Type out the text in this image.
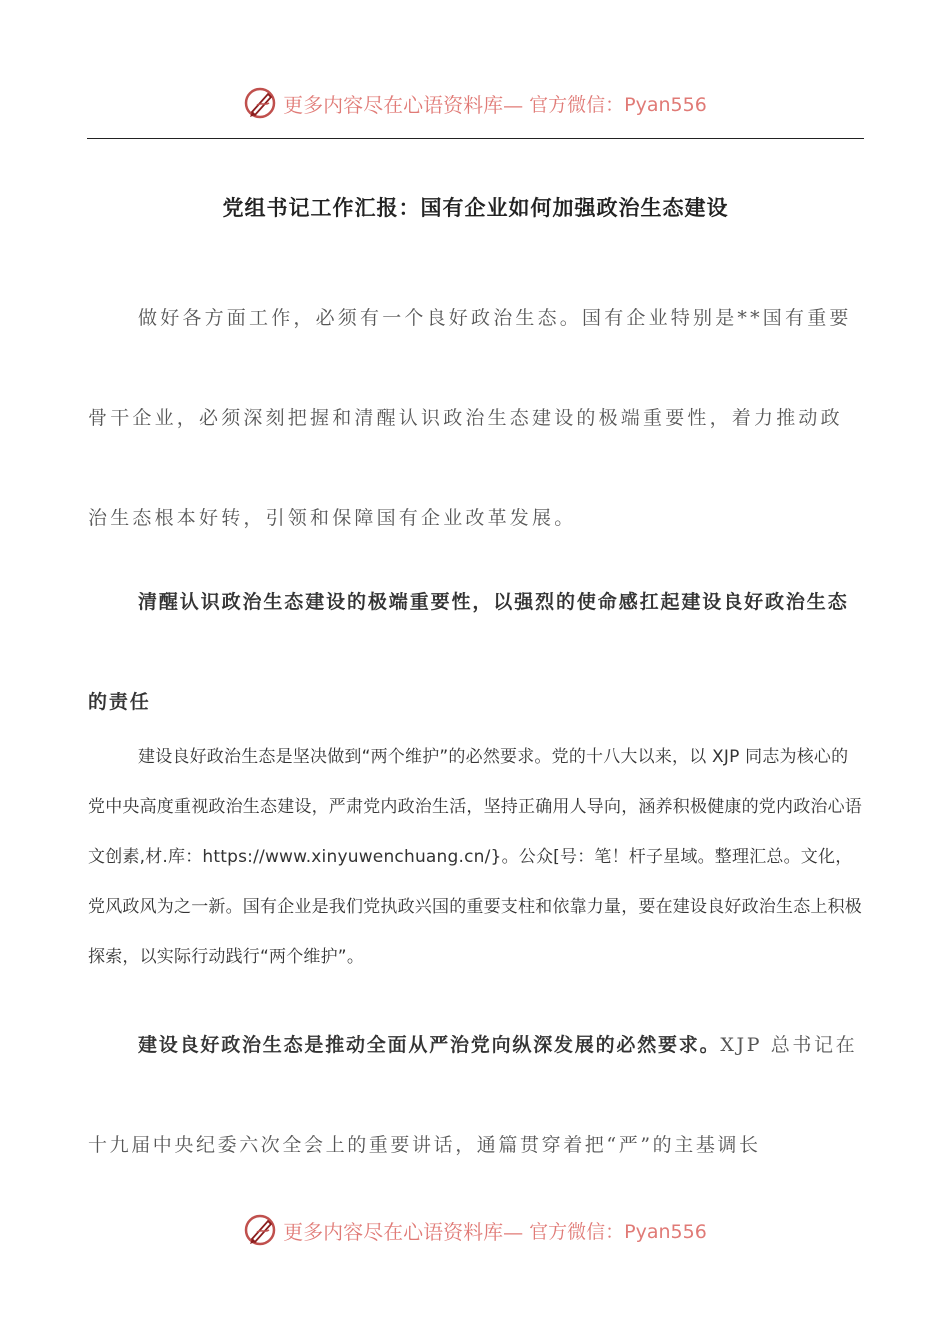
更多内容尽在心语资料库— 官方微信：Pyan556
党组书记工作汇报：国有企业如何加强政治生态建设

做好各方面工作，必须有一个良好政治生态。国有企业特别是**国有重要骨干企业，必须深刻把握和清醒认识政治生态建设的极端重要性，着力推动政治生态根本好转，引领和保障国有企业改革发展。

清醒认识政治生态建设的极端重要性，以强烈的使命感扛起建设良好政治生态的责任

建设良好政治生态是坚决做到“两个维护”的必然要求。党的十八大以来，以 XJP 同志为核心的党中央高度重视政治生态建设，严肃党内政治生活，坚持正确用人导向，涵养积极健康的党内政治心语文创素,材.库：https://www.xinyuwenchuang.cn/}。公众[号：笔！杆子星域。整理汇总。文化，党风政风为之一新。国有企业是我们党执政兴国的重要支柱和依靠力量，要在建设良好政治生态上积极探索，以实际行动践行“两个维护”。

建设良好政治生态是推动全面从严治党向纵深发展的必然要求。XJP 总书记在十九届中央纪委六次全会上的重要讲话，通篇贯穿着把“严”的主基调长

更多内容尽在心语资料库— 官方微信：Pyan556
